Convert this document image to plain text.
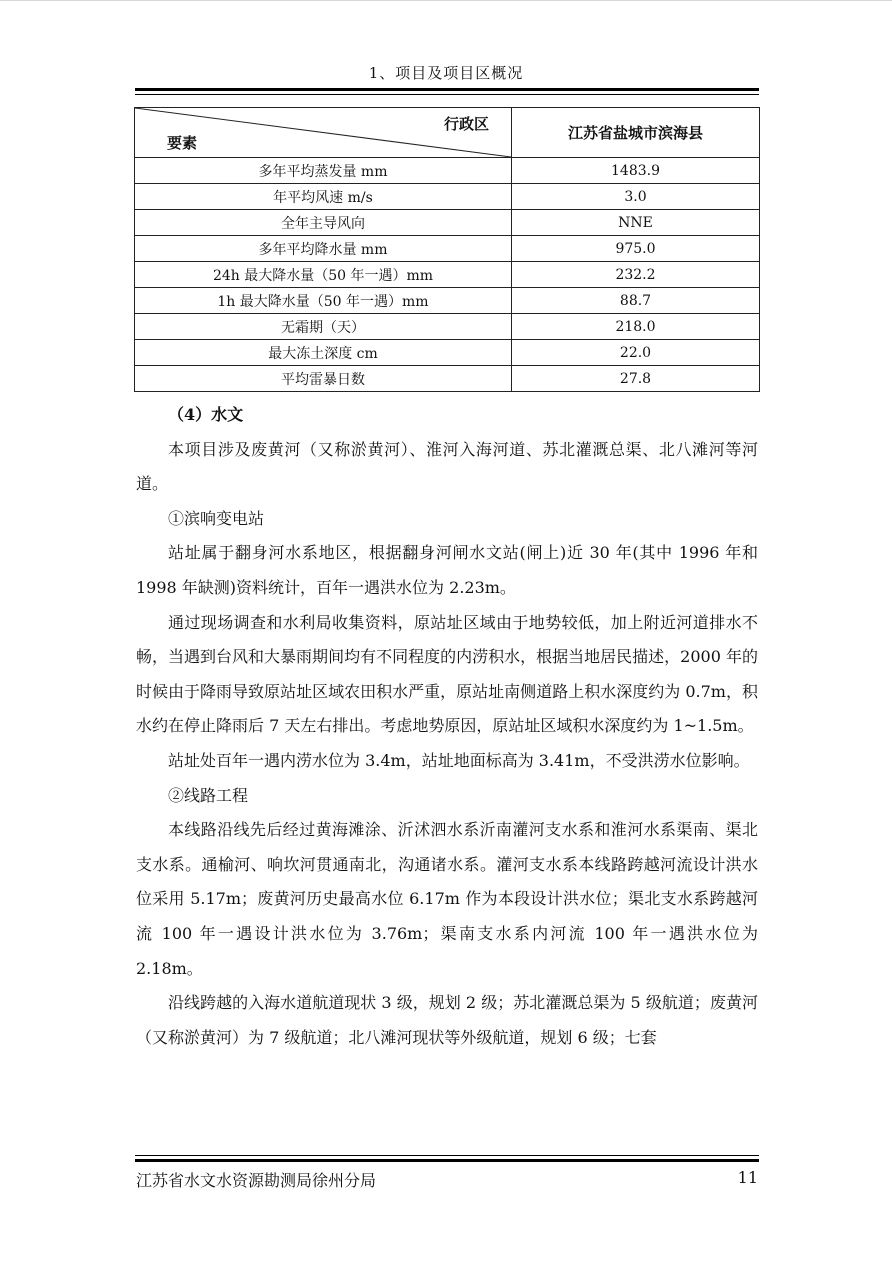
1、项目及项目区概况
行政区
要素	江苏省盐城市滨海县
多年平均蒸发量 mm	1483.9
年平均风速 m/s	3.0
全年主导风向	NNE
多年平均降水量 mm	975.0
24h 最大降水量（50 年一遇）mm	232.2
1h 最大降水量（50 年一遇）mm	88.7
无霜期（天）	218.0
最大冻土深度 cm	22.0
平均雷暴日数	27.8

（4）水文

本项目涉及废黄河（又称淤黄河）、淮河入海河道、苏北灌溉总渠、北八滩河等河道。

①滨响变电站

站址属于翻身河水系地区，根据翻身河闸水文站(闸上)近 30 年(其中 1996 年和 1998 年缺测)资料统计，百年一遇洪水位为 2.23m。

通过现场调查和水利局收集资料，原站址区域由于地势较低，加上附近河道排水不畅，当遇到台风和大暴雨期间均有不同程度的内涝积水，根据当地居民描述，2000 年的时候由于降雨导致原站址区域农田积水严重，原站址南侧道路上积水深度约为 0.7m，积水约在停止降雨后 7 天左右排出。考虑地势原因，原站址区域积水深度约为 1~1.5m。

站址处百年一遇内涝水位为 3.4m，站址地面标高为 3.41m，不受洪涝水位影响。

②线路工程

本线路沿线先后经过黄海滩涂、沂沭泗水系沂南灌河支水系和淮河水系渠南、渠北支水系。通榆河、响坎河贯通南北，沟通诸水系。灌河支水系本线路跨越河流设计洪水位采用 5.17m；废黄河历史最高水位 6.17m 作为本段设计洪水位；渠北支水系跨越河流 100 年一遇设计洪水位为 3.76m；渠南支水系内河流 100 年一遇洪水位为 2.18m。

沿线跨越的入海水道航道现状 3 级，规划 2 级；苏北灌溉总渠为 5 级航道；废黄河（又称淤黄河）为 7 级航道；北八滩河现状等外级航道，规划 6 级；七套

江苏省水文水资源勘测局徐州分局	11
